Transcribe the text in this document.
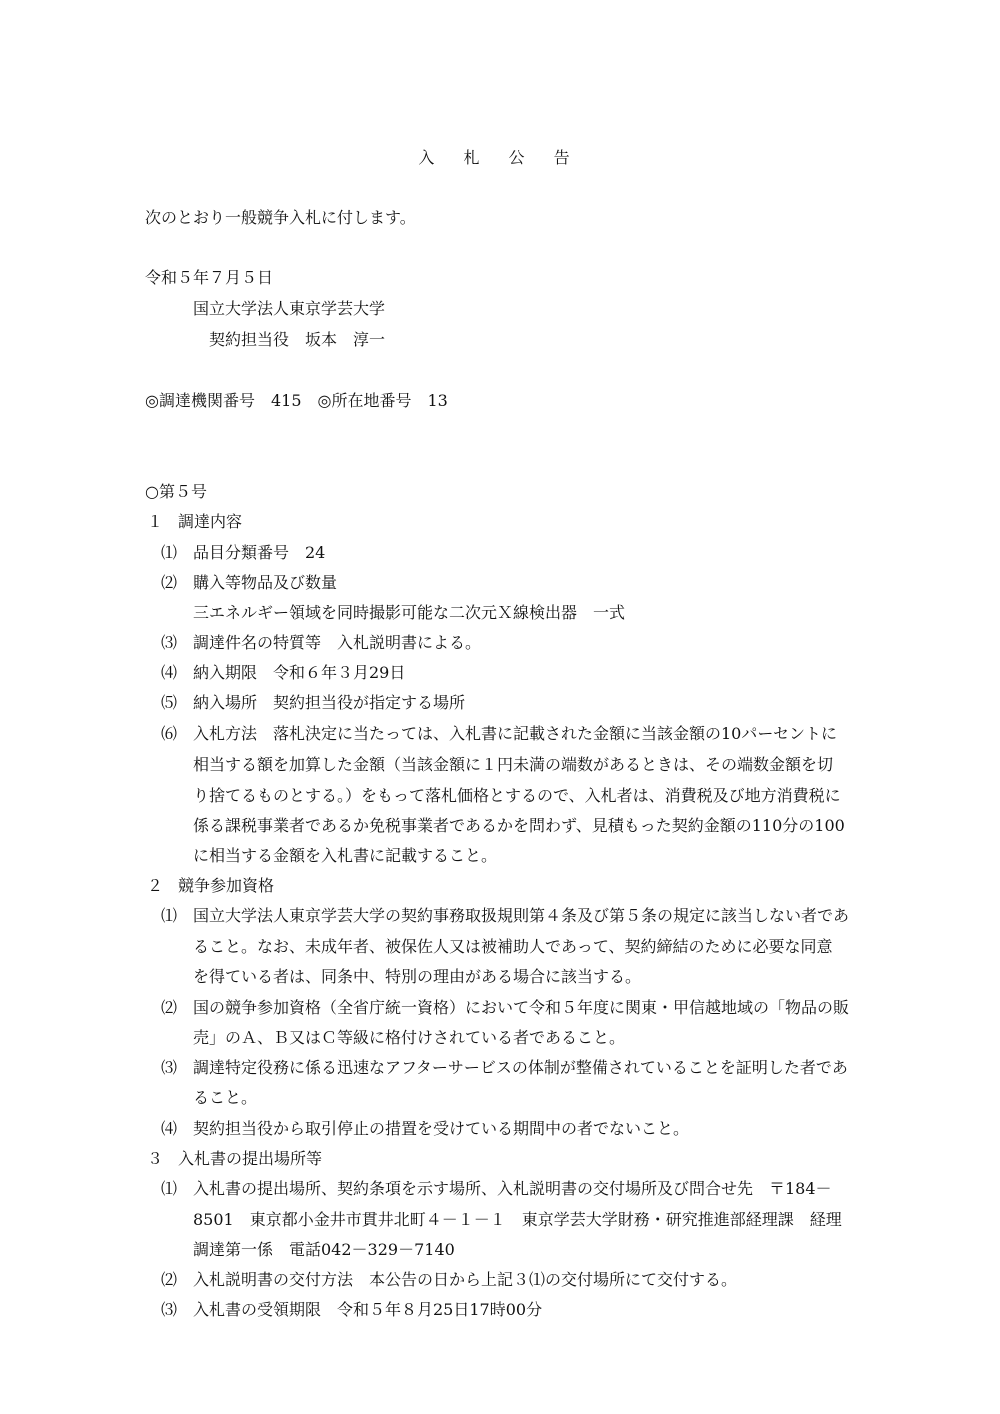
入 札 公 告
次のとおり一般競争入札に付します。
令和５年７月５日
国立大学法人東京学芸大学
契約担当役　坂本　淳一
◎調達機関番号　415　◎所在地番号　13
○第５号
１ 調達内容
⑴ 品目分類番号　24
⑵ 購入等物品及び数量
三エネルギー領域を同時撮影可能な二次元Ｘ線検出器　一式
⑶ 調達件名の特質等　入札説明書による。
⑷ 納入期限　令和６年３月29日
⑸ 納入場所　契約担当役が指定する場所
⑹ 入札方法　落札決定に当たっては、入札書に記載された金額に当該金額の10パーセントに
相当する額を加算した金額（当該金額に１円未満の端数があるときは、その端数金額を切
り捨てるものとする。）をもって落札価格とするので、入札者は、消費税及び地方消費税に
係る課税事業者であるか免税事業者であるかを問わず、見積もった契約金額の110分の100
に相当する金額を入札書に記載すること。
２ 競争参加資格
⑴ 国立大学法人東京学芸大学の契約事務取扱規則第４条及び第５条の規定に該当しない者であ
ること。なお、未成年者、被保佐人又は被補助人であって、契約締結のために必要な同意
を得ている者は、同条中、特別の理由がある場合に該当する。
⑵ 国の競争参加資格（全省庁統一資格）において令和５年度に関東・甲信越地域の「物品の販
売」のＡ、Ｂ又はＣ等級に格付けされている者であること。
⑶ 調達特定役務に係る迅速なアフターサービスの体制が整備されていることを証明した者であ
ること。
⑷ 契約担当役から取引停止の措置を受けている期間中の者でないこと。
３ 入札書の提出場所等
⑴ 入札書の提出場所、契約条項を示す場所、入札説明書の交付場所及び問合せ先　〒184－
8501　東京都小金井市貫井北町４－１－１　東京学芸大学財務・研究推進部経理課　経理
調達第一係　電話042－329－7140
⑵ 入札説明書の交付方法　本公告の日から上記３⑴の交付場所にて交付する。
⑶ 入札書の受領期限　令和５年８月25日17時00分
